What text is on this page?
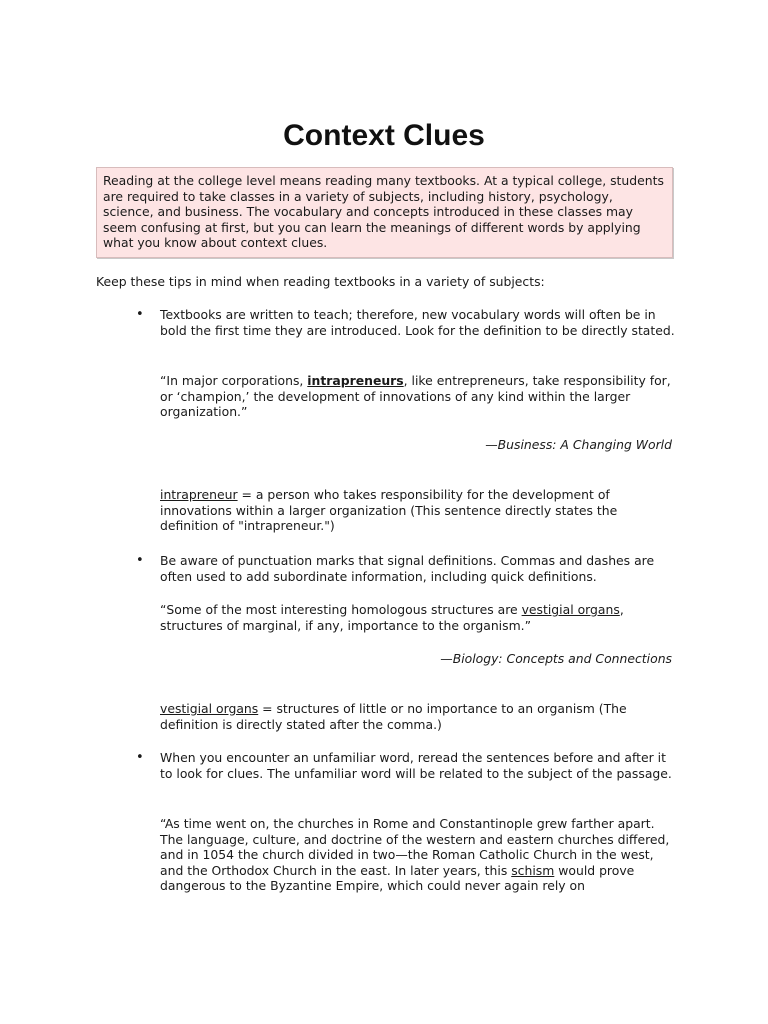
Context Clues
Reading at the college level means reading many textbooks. At a typical college, students are required to take classes in a variety of subjects, including history, psychology, science, and business. The vocabulary and concepts introduced in these classes may seem confusing at first, but you can learn the meanings of different words by applying what you know about context clues.
Keep these tips in mind when reading textbooks in a variety of subjects:
• Textbooks are written to teach; therefore, new vocabulary words will often be in bold the first time they are introduced. Look for the definition to be directly stated.
“In major corporations, intrapreneurs, like entrepreneurs, take responsibility for, or ‘champion,’ the development of innovations of any kind within the larger organization.”
—Business: A Changing World
intrapreneur = a person who takes responsibility for the development of innovations within a larger organization (This sentence directly states the definition of "intrapreneur.")
• Be aware of punctuation marks that signal definitions. Commas and dashes are often used to add subordinate information, including quick definitions.
“Some of the most interesting homologous structures are vestigial organs, structures of marginal, if any, importance to the organism.”
—Biology: Concepts and Connections
vestigial organs = structures of little or no importance to an organism (The definition is directly stated after the comma.)
• When you encounter an unfamiliar word, reread the sentences before and after it to look for clues. The unfamiliar word will be related to the subject of the passage.
“As time went on, the churches in Rome and Constantinople grew farther apart. The language, culture, and doctrine of the western and eastern churches differed, and in 1054 the church divided in two—the Roman Catholic Church in the west, and the Orthodox Church in the east. In later years, this schism would prove dangerous to the Byzantine Empire, which could never again rely on
